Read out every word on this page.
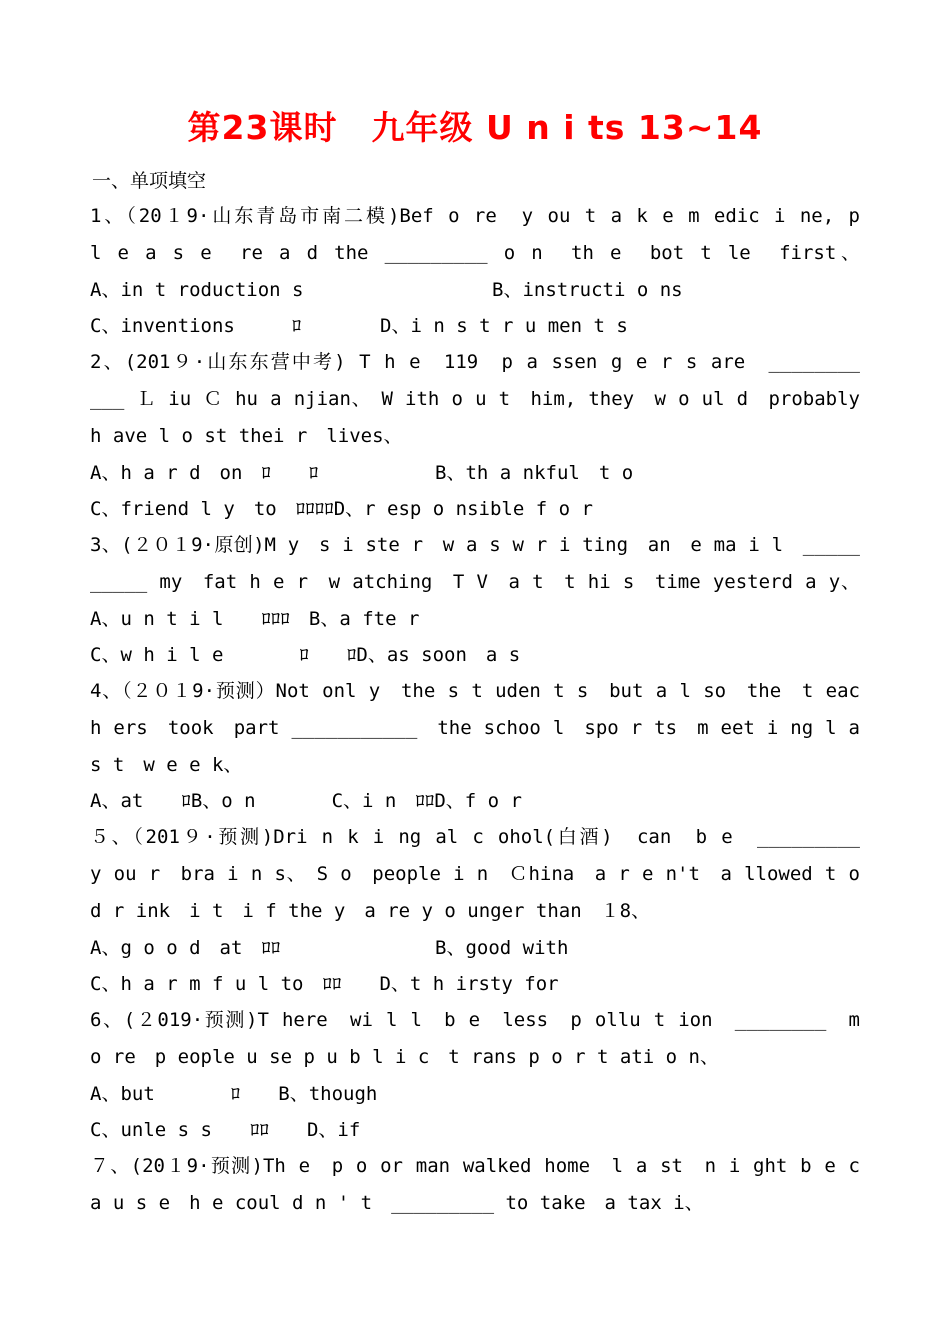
第23课时　九年级 U n i ts 13~14
一、单项填空
1、（20１9·山东青岛市南二模)Bef o re　y ou t a k e m edic i ne, p
l e a s e　re a d the _________ o n　th e　bot t le　first、
A、in t roduction s	B、instructi o ns
C、inventions　　　ﾛ	D、i n s t r u men t s
2、(201９·山东东营中考) T h e　119　p a ssen g e r s are　________
___ Ｌ iu Ｃ hu a njian、　W ith o u t　him, they　w o ul d　probably
h ave l o st thei r　lives、
A、h a r d　on　ﾛ　　ﾛ	B、th a nkful　t o
C、friend l y　to　ﾛﾛﾛﾛD、r esp o nsible f o r
3、(２０１9·原创)M y　s i ste r　w a s w r i ting　an　e ma i l　_____
_____ my　fat h e r　w atching　T V　a t　t hi s　time yesterd a y、
A、u n t i l　　ﾛﾛﾛ　B、a fte r
C、w h i l e　　　　ﾛ　　ﾛD、as soon　a s
4、（２０１9·预测）Not onl y　the s t uden t s　but a l so　the　t eac
h ers　took　part ___________　the schoo l　spo r ts　m eet i ng l a
s t　w e e k、
A、at　　ﾛB、o n　　　　C、i n　ﾛﾛD、f o r
５、（201９·预测)Dri n k i ng al c ohol(白酒)　can　b e　_________
y ou r　bra i n s、　S o　people i n　Ｃhina　a r e n't　a llowed t o
d r ink　i t　i f the y　a re y o unger than　１8、
A、g o o d　at　ﾛﾛ	B、good with
C、h a r m f u l to　ﾛﾛ　　D、t h irsty for
6、(２019·预测)T here　wi l l　b e　less　p ollu t ion　________　m
o re　p eople u se p u b l i c　t rans p o r t ati o n、
A、but　　　　ﾛ　　B、though
C、unle s s　　ﾛﾛ　　D、if
７、(20１9·预测)Th e　p o or man walked home　l a st　n i ght b e c
a u s e　h e coul d n ' t　_________ to take　a tax i、
